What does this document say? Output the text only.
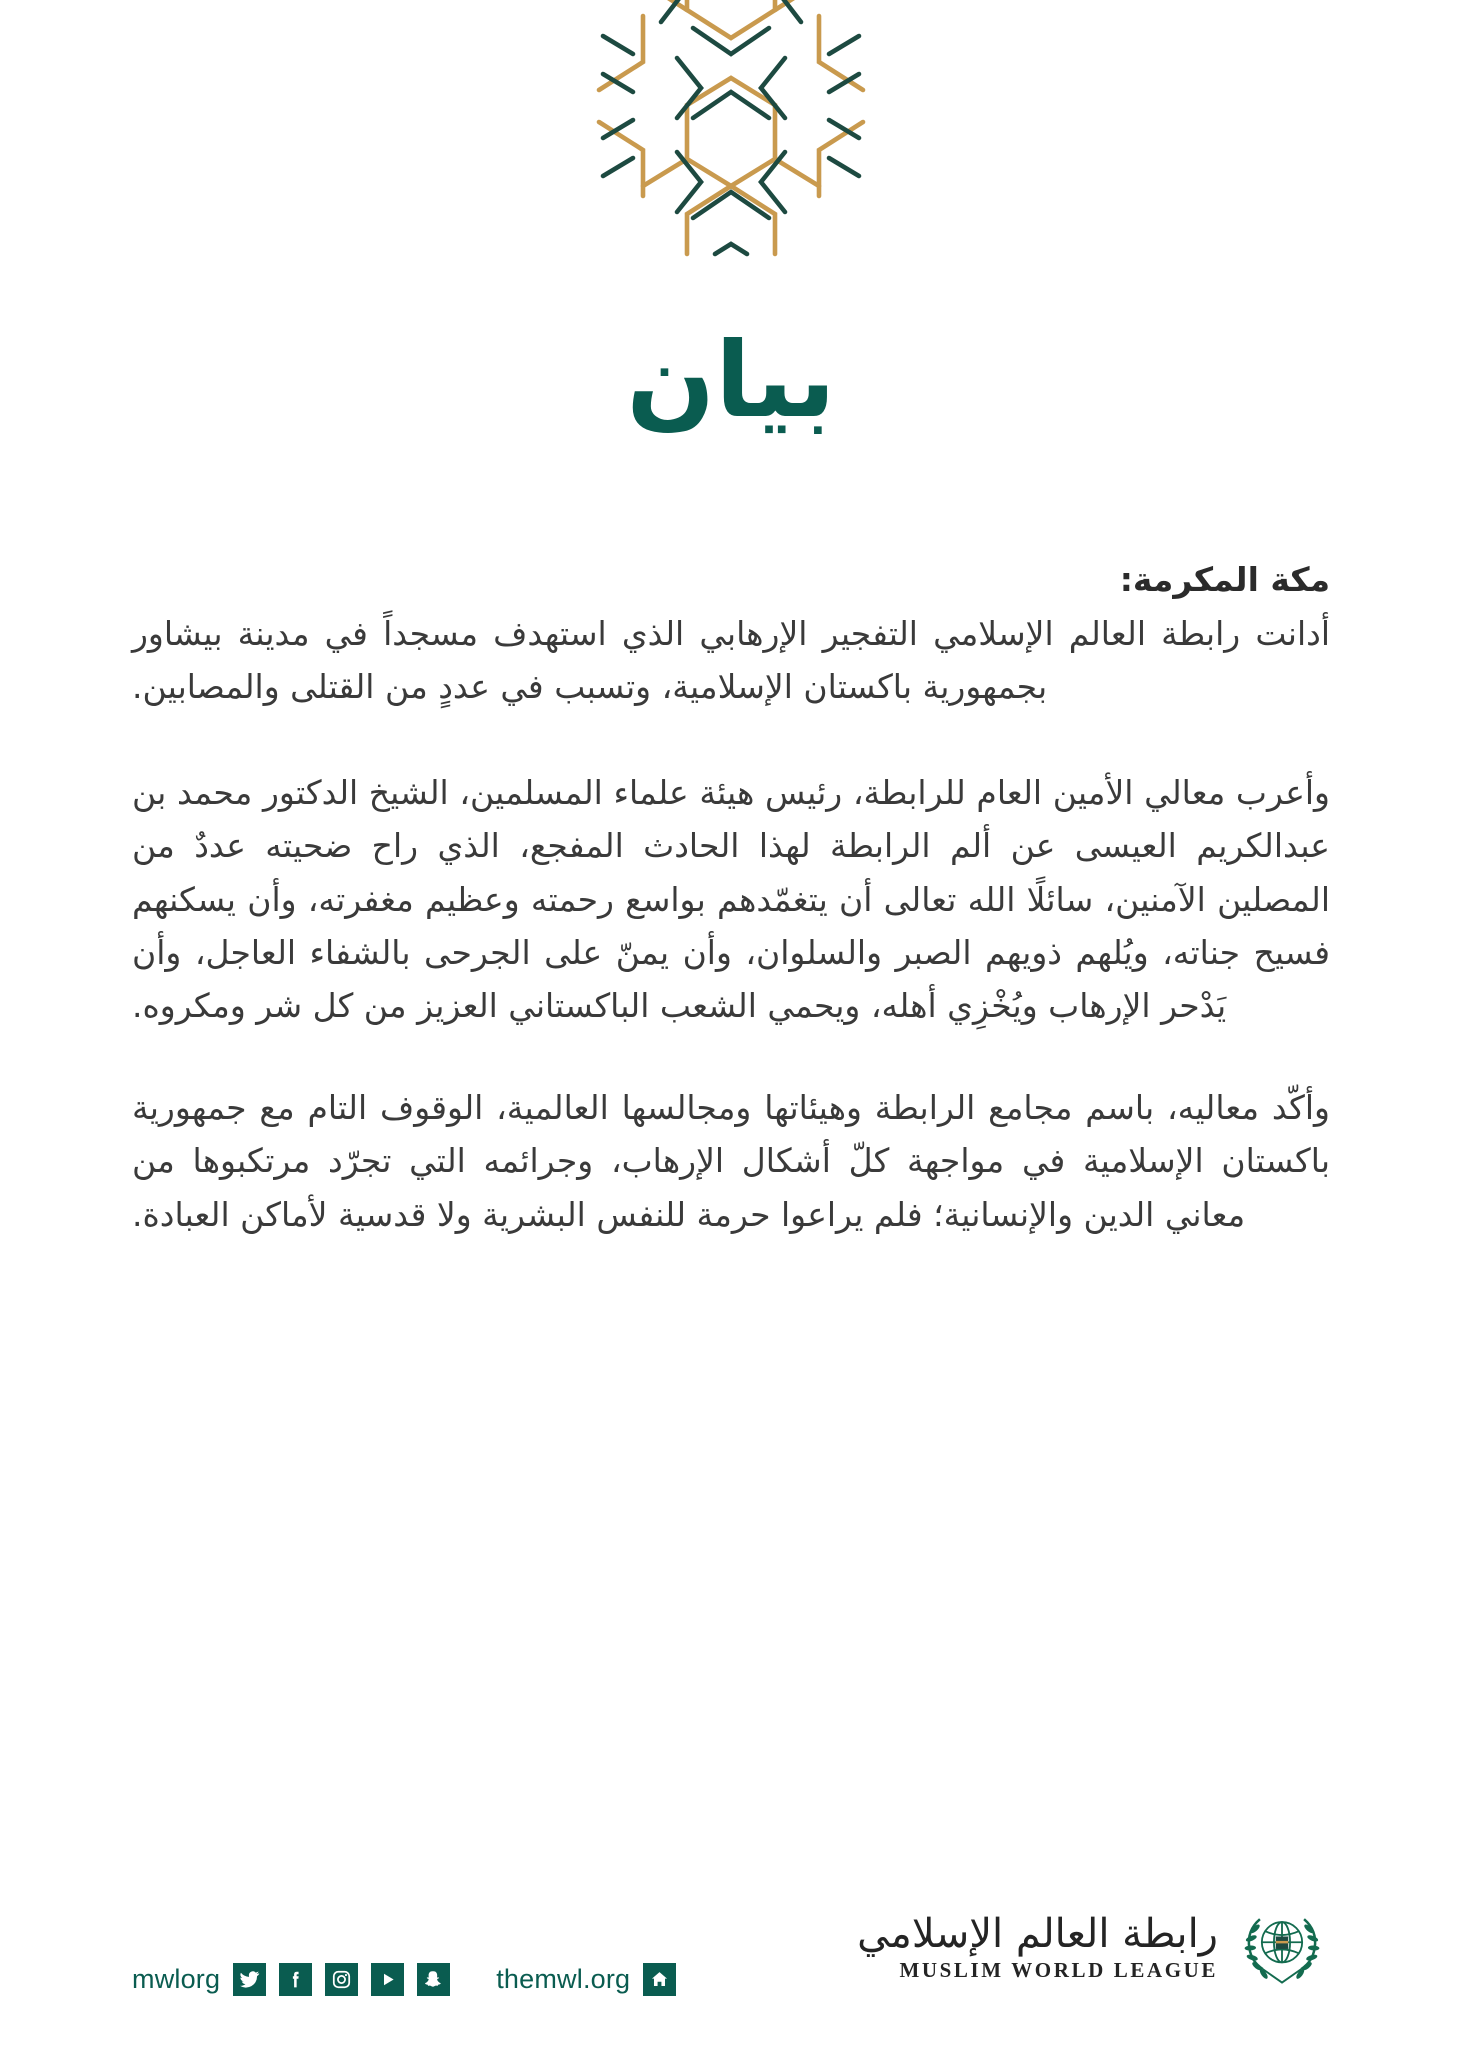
بيان
مكة المكرمة:

أدانت رابطة العالم الإسلامي التفجير الإرهابي الذي استهدف مسجداً في مدينة بيشاور بجمهورية باكستان الإسلامية، وتسبب في عددٍ من القتلى والمصابين.

وأعرب معالي الأمين العام للرابطة، رئيس هيئة علماء المسلمين، الشيخ الدكتور محمد بن عبدالكريم العيسى عن ألم الرابطة لهذا الحادث المفجع، الذي راح ضحيته عددٌ من المصلين الآمنين، سائلًا الله تعالى أن يتغمّدهم بواسع رحمته وعظيم مغفرته، وأن يسكنهم فسيح جناته، ويُلهم ذويهم الصبر والسلوان، وأن يمنّ على الجرحى بالشفاء العاجل، وأن يَدْحر الإرهاب ويُخْزِي أهله، ويحمي الشعب الباكستاني العزيز من كل شر ومكروه.

وأكّد معاليه، باسم مجامع الرابطة وهيئاتها ومجالسها العالمية، الوقوف التام مع جمهورية باكستان الإسلامية في مواجهة كلّ أشكال الإرهاب، وجرائمه التي تجرّد مرتكبوها من معاني الدين والإنسانية؛ فلم يراعوا حرمة للنفس البشرية ولا قدسية لأماكن العبادة.

mwlorg	themwl.org
رابطة العالم الإسلامي
MUSLIM WORLD LEAGUE
